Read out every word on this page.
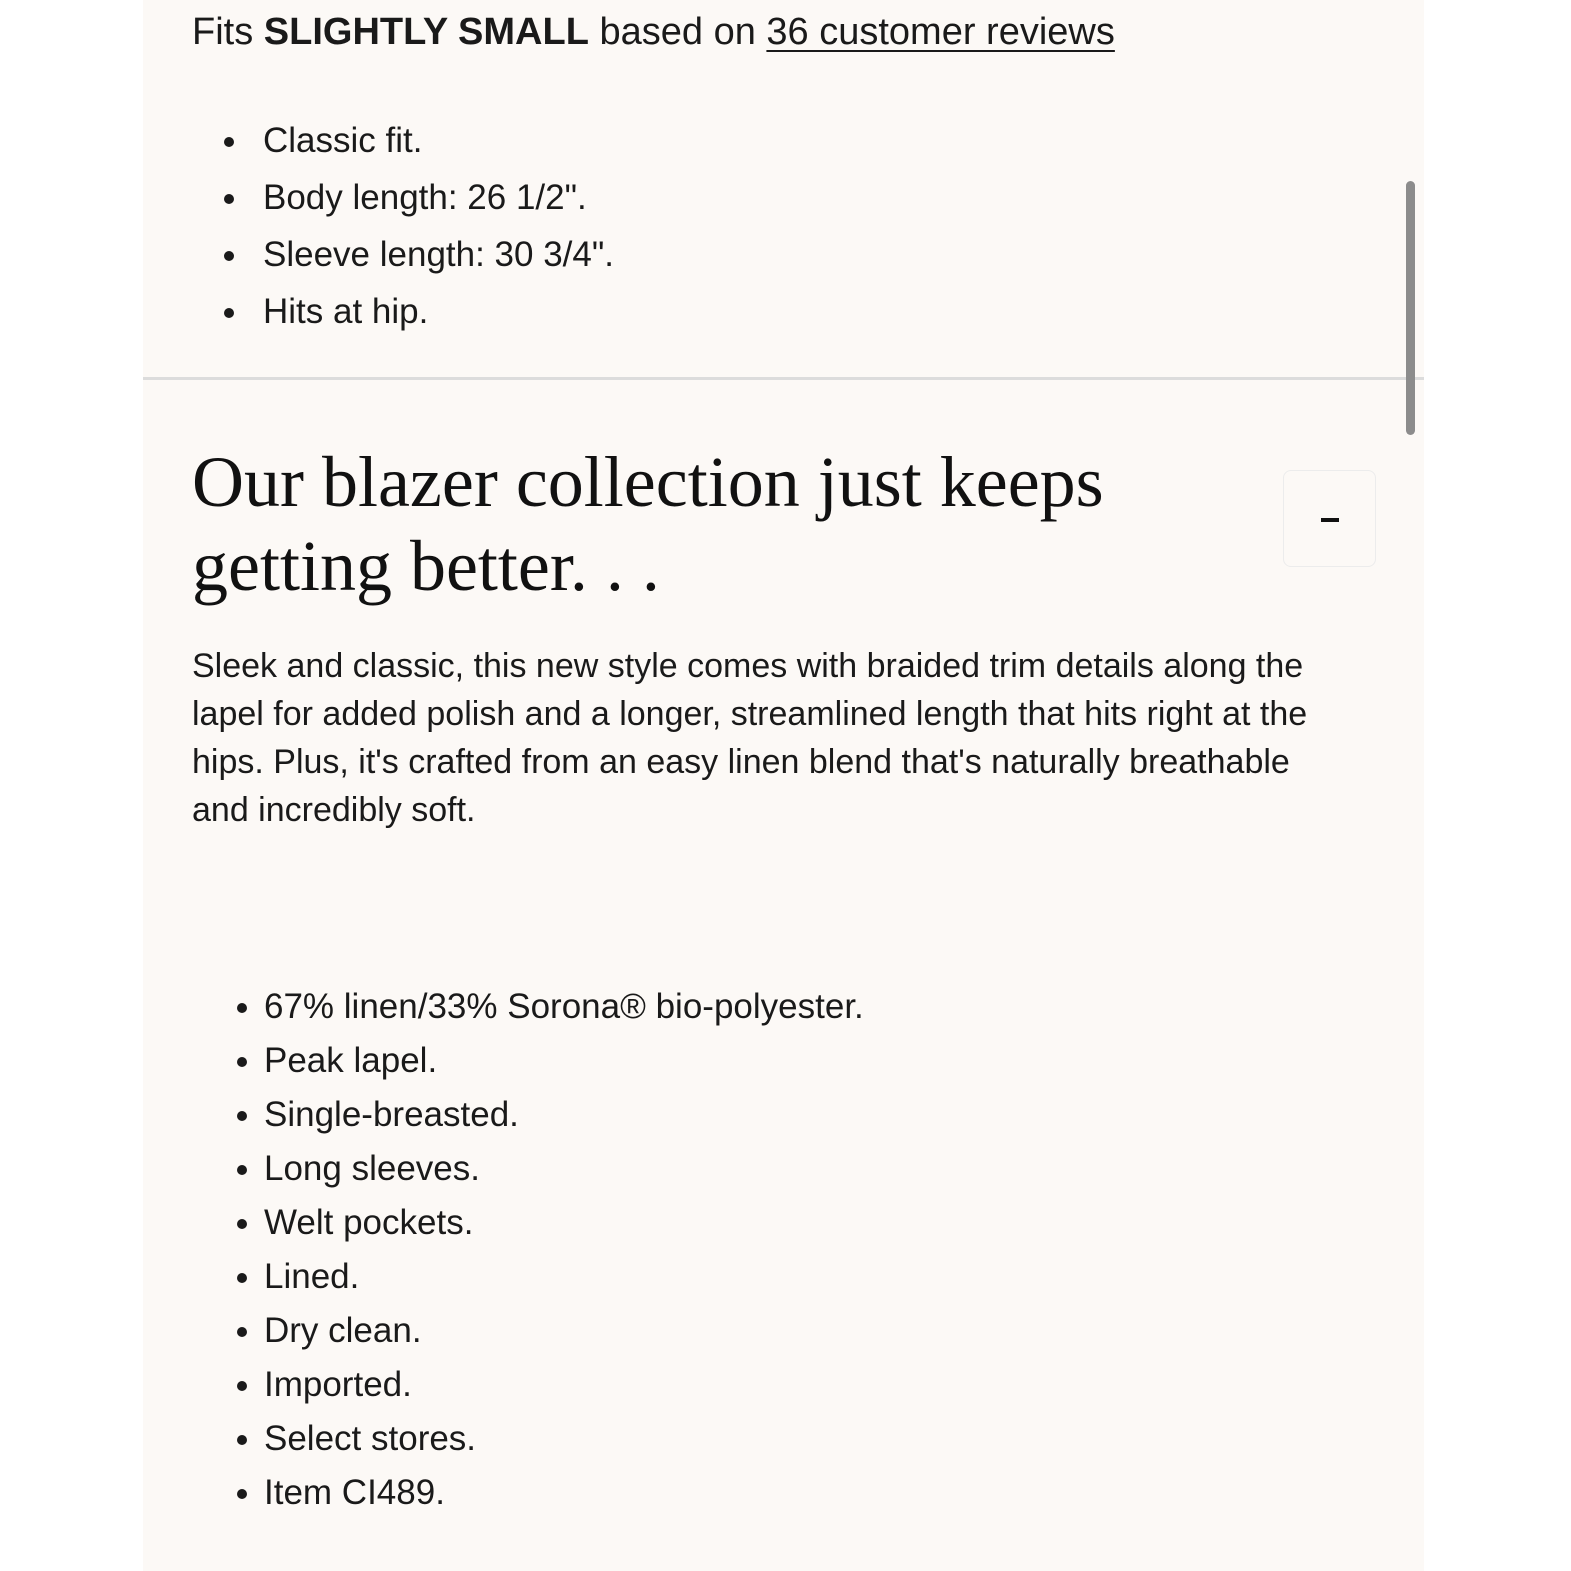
Fits SLIGHTLY SMALL based on 36 customer reviews
• Classic fit.
• Body length: 26 1/2".
• Sleeve length: 30 3/4".
• Hits at hip.
Our blazer collection just keeps getting better. . .

Sleek and classic, this new style comes with braided trim details along the lapel for added polish and a longer, streamlined length that hits right at the hips. Plus, it's crafted from an easy linen blend that's naturally breathable and incredibly soft.

• 67% linen/33% Sorona® bio-polyester.
• Peak lapel.
• Single-breasted.
• Long sleeves.
• Welt pockets.
• Lined.
• Dry clean.
• Imported.
• Select stores.
• Item CI489.
